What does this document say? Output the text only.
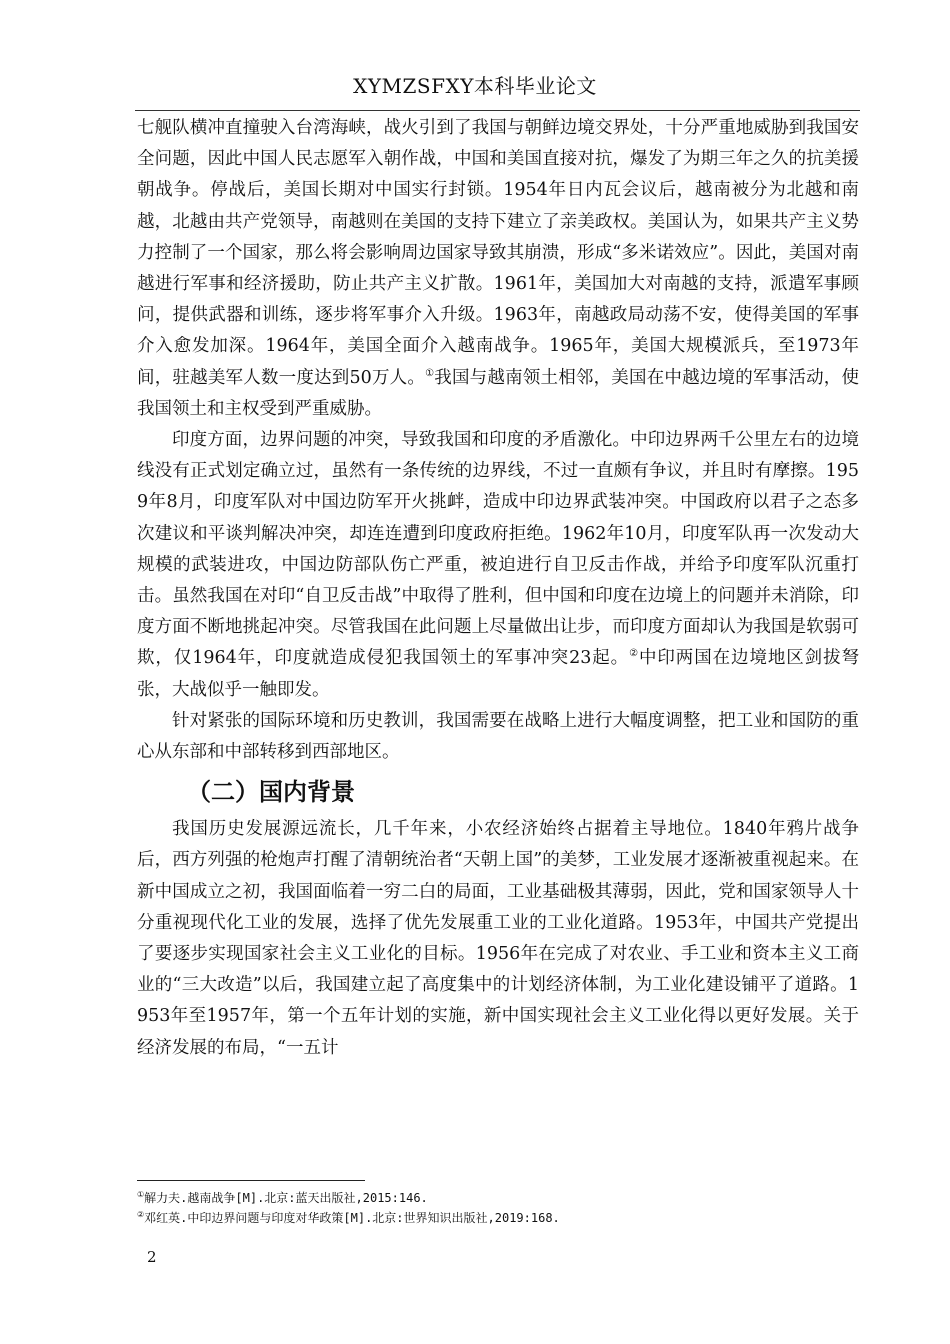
XYMZSFXY本科毕业论文

七舰队横冲直撞驶入台湾海峡，战火引到了我国与朝鲜边境交界处，十分严重地威胁到我国安全问题，因此中国人民志愿军入朝作战，中国和美国直接对抗，爆发了为期三年之久的抗美援朝战争。停战后，美国长期对中国实行封锁。1954年日内瓦会议后，越南被分为北越和南越，北越由共产党领导，南越则在美国的支持下建立了亲美政权。美国认为，如果共产主义势力控制了一个国家，那么将会影响周边国家导致其崩溃，形成“多米诺效应”。因此，美国对南越进行军事和经济援助，防止共产主义扩散。1961年，美国加大对南越的支持，派遣军事顾问，提供武器和训练，逐步将军事介入升级。1963年，南越政局动荡不安，使得美国的军事介入愈发加深。1964年，美国全面介入越南战争。1965年，美国大规模派兵，至1973年间，驻越美军人数一度达到50万人。①我国与越南领土相邻，美国在中越边境的军事活动，使我国领土和主权受到严重威胁。

印度方面，边界问题的冲突，导致我国和印度的矛盾激化。中印边界两千公里左右的边境线没有正式划定确立过，虽然有一条传统的边界线，不过一直颇有争议，并且时有摩擦。1959年8月，印度军队对中国边防军开火挑衅，造成中印边界武装冲突。中国政府以君子之态多次建议和平谈判解决冲突，却连连遭到印度政府拒绝。1962年10月，印度军队再一次发动大规模的武装进攻，中国边防部队伤亡严重，被迫进行自卫反击作战，并给予印度军队沉重打击。虽然我国在对印“自卫反击战”中取得了胜利，但中国和印度在边境上的问题并未消除，印度方面不断地挑起冲突。尽管我国在此问题上尽量做出让步，而印度方面却认为我国是软弱可欺，仅1964年，印度就造成侵犯我国领土的军事冲突23起。②中印两国在边境地区剑拔弩张，大战似乎一触即发。

针对紧张的国际环境和历史教训，我国需要在战略上进行大幅度调整，把工业和国防的重心从东部和中部转移到西部地区。

（二）国内背景

我国历史发展源远流长，几千年来，小农经济始终占据着主导地位。1840年鸦片战争后，西方列强的枪炮声打醒了清朝统治者“天朝上国”的美梦，工业发展才逐渐被重视起来。在新中国成立之初，我国面临着一穷二白的局面，工业基础极其薄弱，因此，党和国家领导人十分重视现代化工业的发展，选择了优先发展重工业的工业化道路。1953年，中国共产党提出了要逐步实现国家社会主义工业化的目标。1956年在完成了对农业、手工业和资本主义工商业的“三大改造”以后，我国建立起了高度集中的计划经济体制，为工业化建设铺平了道路。1953年至1957年，第一个五年计划的实施，新中国实现社会主义工业化得以更好发展。关于经济发展的布局，“一五计

①解力夫.越南战争[M].北京:蓝天出版社,2015:146.

②邓红英.中印边界问题与印度对华政策[M].北京:世界知识出版社,2019:168.

2
